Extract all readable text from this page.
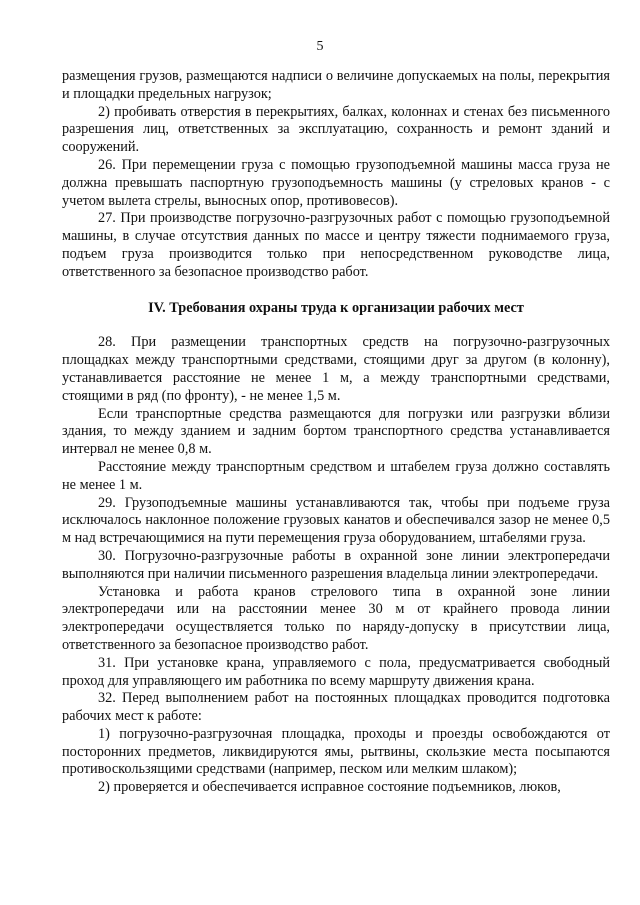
5

размещения грузов, размещаются надписи о величине допускаемых на полы, перекрытия и площадки предельных нагрузок;

2) пробивать отверстия в перекрытиях, балках, колоннах и стенах без письменного разрешения лиц, ответственных за эксплуатацию, сохранность и ремонт зданий и сооружений.

26. При перемещении груза с помощью грузоподъемной машины масса груза не должна превышать паспортную грузоподъемность машины (у стреловых кранов - с учетом вылета стрелы, выносных опор, противовесов).

27. При производстве погрузочно-разгрузочных работ с помощью грузоподъемной машины, в случае отсутствия данных по массе и центру тяжести поднимаемого груза, подъем груза производится только при непосредственном руководстве лица, ответственного за безопасное производство работ.

IV. Требования охраны труда к организации рабочих мест

28. При размещении транспортных средств на погрузочно-разгрузочных площадках между транспортными средствами, стоящими друг за другом (в колонну), устанавливается расстояние не менее 1 м, а между транспортными средствами, стоящими в ряд (по фронту), - не менее 1,5 м.

Если транспортные средства размещаются для погрузки или разгрузки вблизи здания, то между зданием и задним бортом транспортного средства устанавливается интервал не менее 0,8 м.

Расстояние между транспортным средством и штабелем груза должно составлять не менее 1 м.

29. Грузоподъемные машины устанавливаются так, чтобы при подъеме груза исключалось наклонное положение грузовых канатов и обеспечивался зазор не менее 0,5 м над встречающимися на пути перемещения груза оборудованием, штабелями груза.

30. Погрузочно-разгрузочные работы в охранной зоне линии электропередачи выполняются при наличии письменного разрешения владельца линии электропередачи.

Установка и работа кранов стрелового типа в охранной зоне линии электропередачи или на расстоянии менее 30 м от крайнего провода линии электропередачи осуществляется только по наряду-допуску в присутствии лица, ответственного за безопасное производство работ.

31. При установке крана, управляемого с пола, предусматривается свободный проход для управляющего им работника по всему маршруту движения крана.

32. Перед выполнением работ на постоянных площадках проводится подготовка рабочих мест к работе:

1) погрузочно-разгрузочная площадка, проходы и проезды освобождаются от посторонних предметов, ликвидируются ямы, рытвины, скользкие места посыпаются противоскользящими средствами (например, песком или мелким шлаком);

2) проверяется и обеспечивается исправное состояние подъемников, люков,
